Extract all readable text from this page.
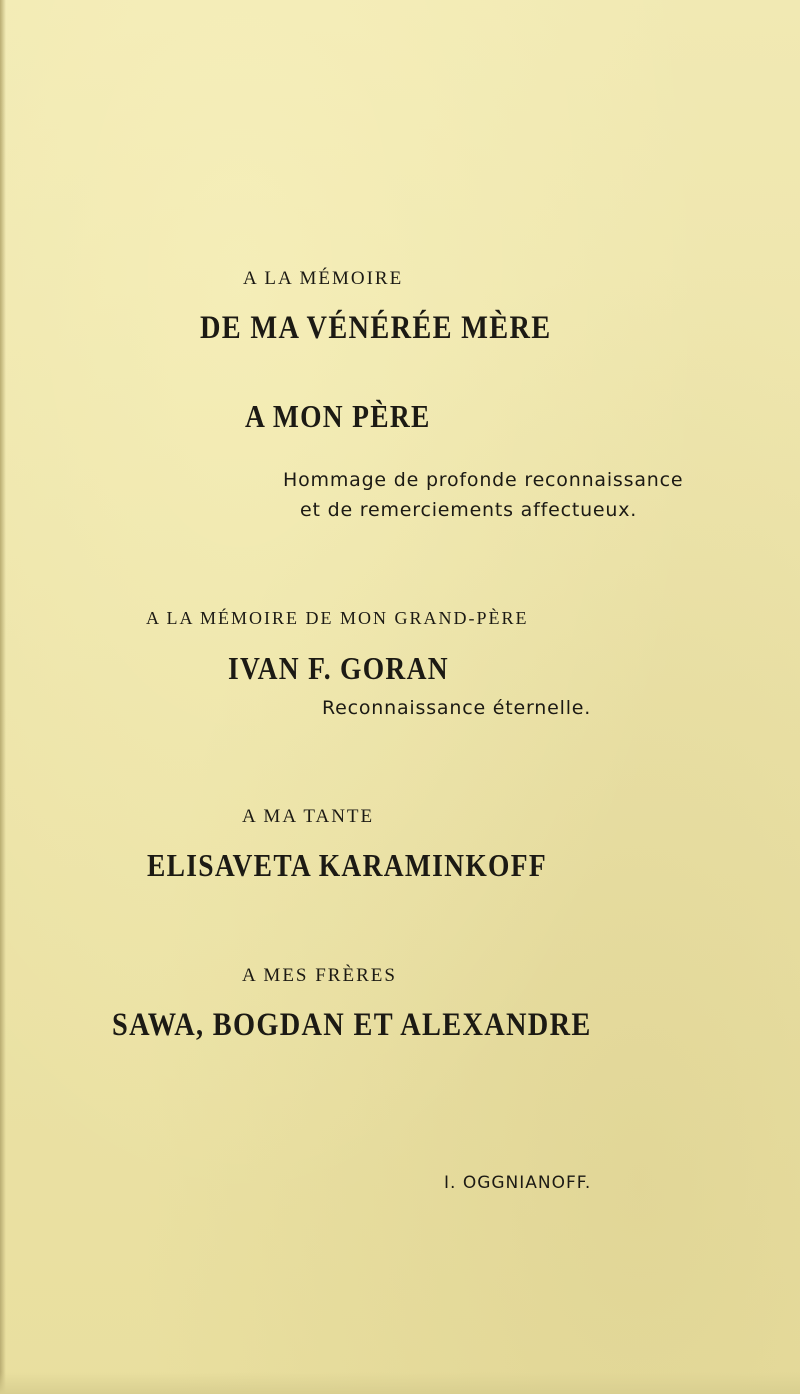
A LA MÉMOIRE

DE MA VÉNÉRÉE MÈRE
A MON PÈRE

Hommage de profonde reconnaissance

et de remerciements affectueux.

A LA MÉMOIRE DE MON GRAND-PÈRE

IVAN F. GORAN

Reconnaissance éternelle.

A MA TANTE

ELISAVETA KARAMINKOFF

A MES FRÈRES

SAWA, BOGDAN ET ALEXANDRE

I. OGGNIANOFF.
